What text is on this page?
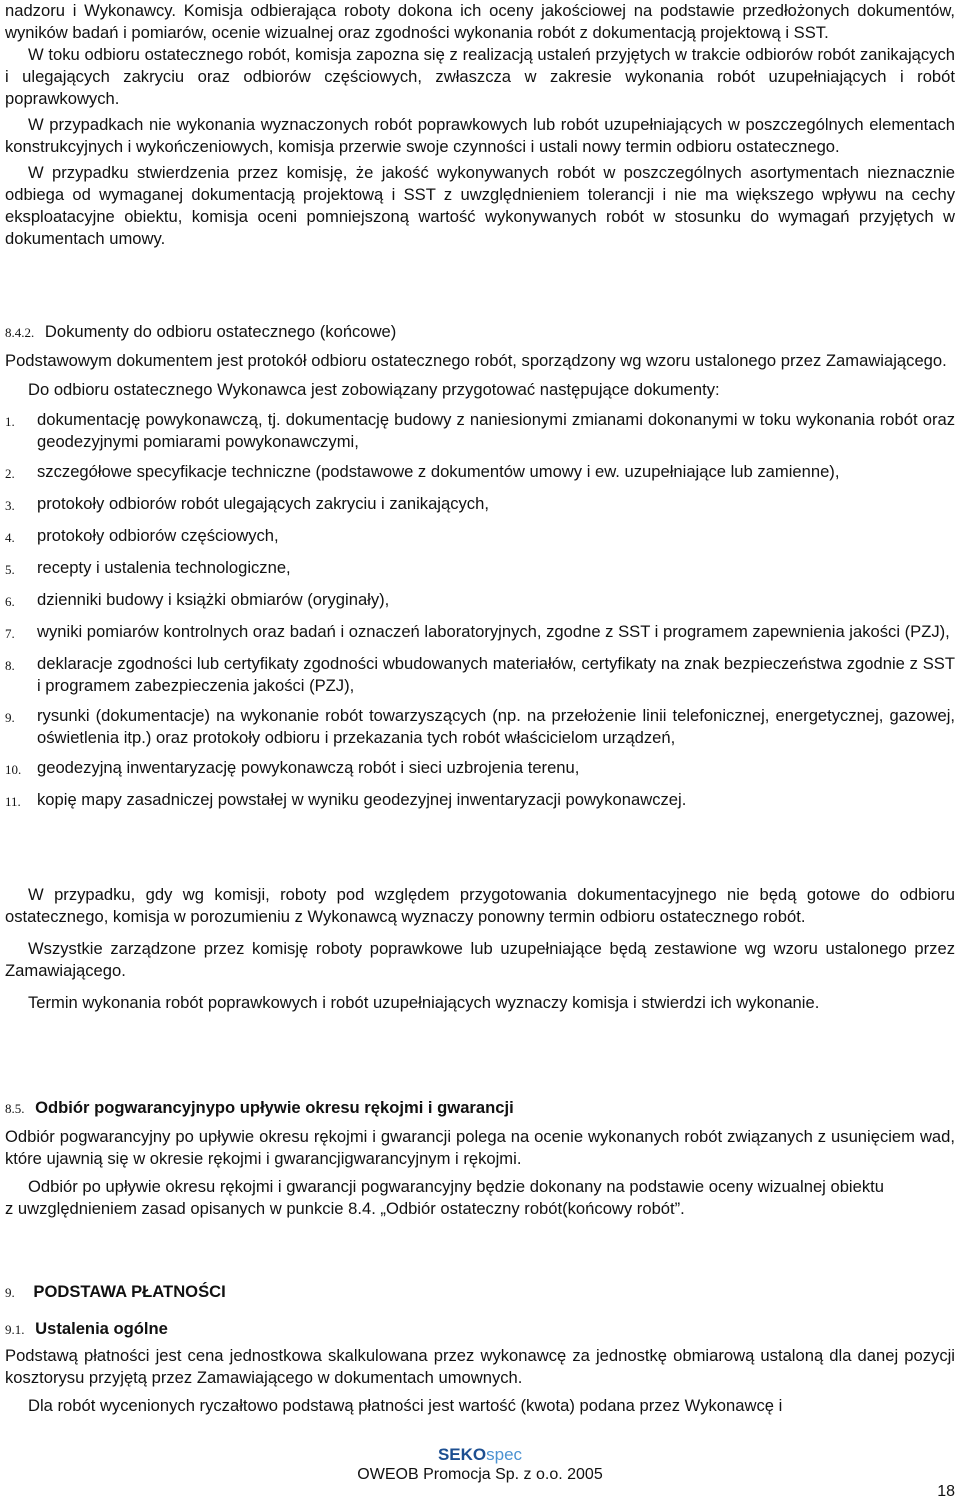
nadzoru i Wykonawcy. Komisja odbierająca roboty dokona ich oceny jakościowej na podstawie przedłożonych dokumentów, wyników badań i pomiarów, ocenie wizualnej oraz zgodności wykonania robót z dokumentacją projektową i SST.

W toku odbioru ostatecznego robót, komisja zapozna się z realizacją ustaleń przyjętych w trakcie odbiorów robót zanikających i ulegających zakryciu oraz odbiorów częściowych, zwłaszcza w zakresie wykonania robót uzupełniających i robót poprawkowych.

W przypadkach nie wykonania wyznaczonych robót poprawkowych lub robót uzupełniających w poszczególnych elementach konstrukcyjnych i wykończeniowych, komisja przerwie swoje czynności i ustali nowy termin odbioru ostatecznego.

W przypadku stwierdzenia przez komisję, że jakość wykonywanych robót w poszczególnych asortymentach nieznacznie odbiega od wymaganej dokumentacją projektową i SST z uwzględnieniem tolerancji i nie ma większego wpływu na cechy eksploatacyjne obiektu, komisja oceni pomniejszoną wartość wykonywanych robót w stosunku do wymagań przyjętych w dokumentach umowy.

8.4.2. Dokumenty do odbioru ostatecznego (końcowe)

Podstawowym dokumentem jest protokół odbioru ostatecznego robót, sporządzony wg wzoru ustalonego przez Zamawiającego.

Do odbioru ostatecznego Wykonawca jest zobowiązany przygotować następujące dokumenty:

1.	dokumentację powykonawczą, tj. dokumentację budowy z naniesionymi zmianami dokonanymi w toku wykonania robót oraz geodezyjnymi pomiarami powykonawczymi,
2.	szczegółowe specyfikacje techniczne (podstawowe z dokumentów umowy i ew. uzupełniające lub zamienne),
3.	protokoły odbiorów robót ulegających zakryciu i zanikających,
4.	protokoły odbiorów częściowych,
5.	recepty i ustalenia technologiczne,
6.	dzienniki budowy i książki obmiarów (oryginały),
7.	wyniki pomiarów kontrolnych oraz badań i oznaczeń laboratoryjnych, zgodne z SST i programem zapewnienia jakości (PZJ),
8.	deklaracje zgodności lub certyfikaty zgodności wbudowanych materiałów, certyfikaty na znak bezpieczeństwa zgodnie z SST i programem zabezpieczenia jakości (PZJ),
9.	rysunki (dokumentacje) na wykonanie robót towarzyszących (np. na przełożenie linii telefonicznej, energetycznej, gazowej, oświetlenia itp.) oraz protokoły odbioru i przekazania tych robót właścicielom urządzeń,
10. geodezyjną inwentaryzację powykonawczą robót i sieci uzbrojenia terenu,
11. kopię mapy zasadniczej powstałej w wyniku geodezyjnej inwentaryzacji powykonawczej.

W przypadku, gdy wg komisji, roboty pod względem przygotowania dokumentacyjnego nie będą gotowe do odbioru ostatecznego, komisja w porozumieniu z Wykonawcą wyznaczy ponowny termin odbioru ostatecznego robót.

Wszystkie zarządzone przez komisję roboty poprawkowe lub uzupełniające będą zestawione wg wzoru ustalonego przez Zamawiającego.

Termin wykonania robót poprawkowych i robót uzupełniających wyznaczy komisja i stwierdzi ich wykonanie.

8.5. Odbiór pogwarancyjnypo upływie okresu rękojmi i gwarancji

Odbiór pogwarancyjny po upływie okresu rękojmi i gwarancji polega na ocenie wykonanych robót związanych z usunięciem wad, które ujawnią się w okresie rękojmi i gwarancjigwarancyjnym i rękojmi.

Odbiór po upływie okresu rękojmi i gwarancji pogwarancyjny będzie dokonany na podstawie oceny wizualnej obiektu

z uwzględnieniem zasad opisanych w punkcie 8.4. „Odbiór ostateczny robót(końcowy robót”.

9. PODSTAWA PŁATNOŚCI

9.1. Ustalenia ogólne

Podstawą płatności jest cena jednostkowa skalkulowana przez wykonawcę za jednostkę obmiarową ustaloną dla danej pozycji kosztorysu przyjętą przez Zamawiającego w dokumentach umownych.

Dla robót wycenionych ryczałtowo podstawą płatności jest wartość (kwota) podana przez Wykonawcę i

SEKOspec
OWEOB Promocja Sp. z o.o. 2005
18
